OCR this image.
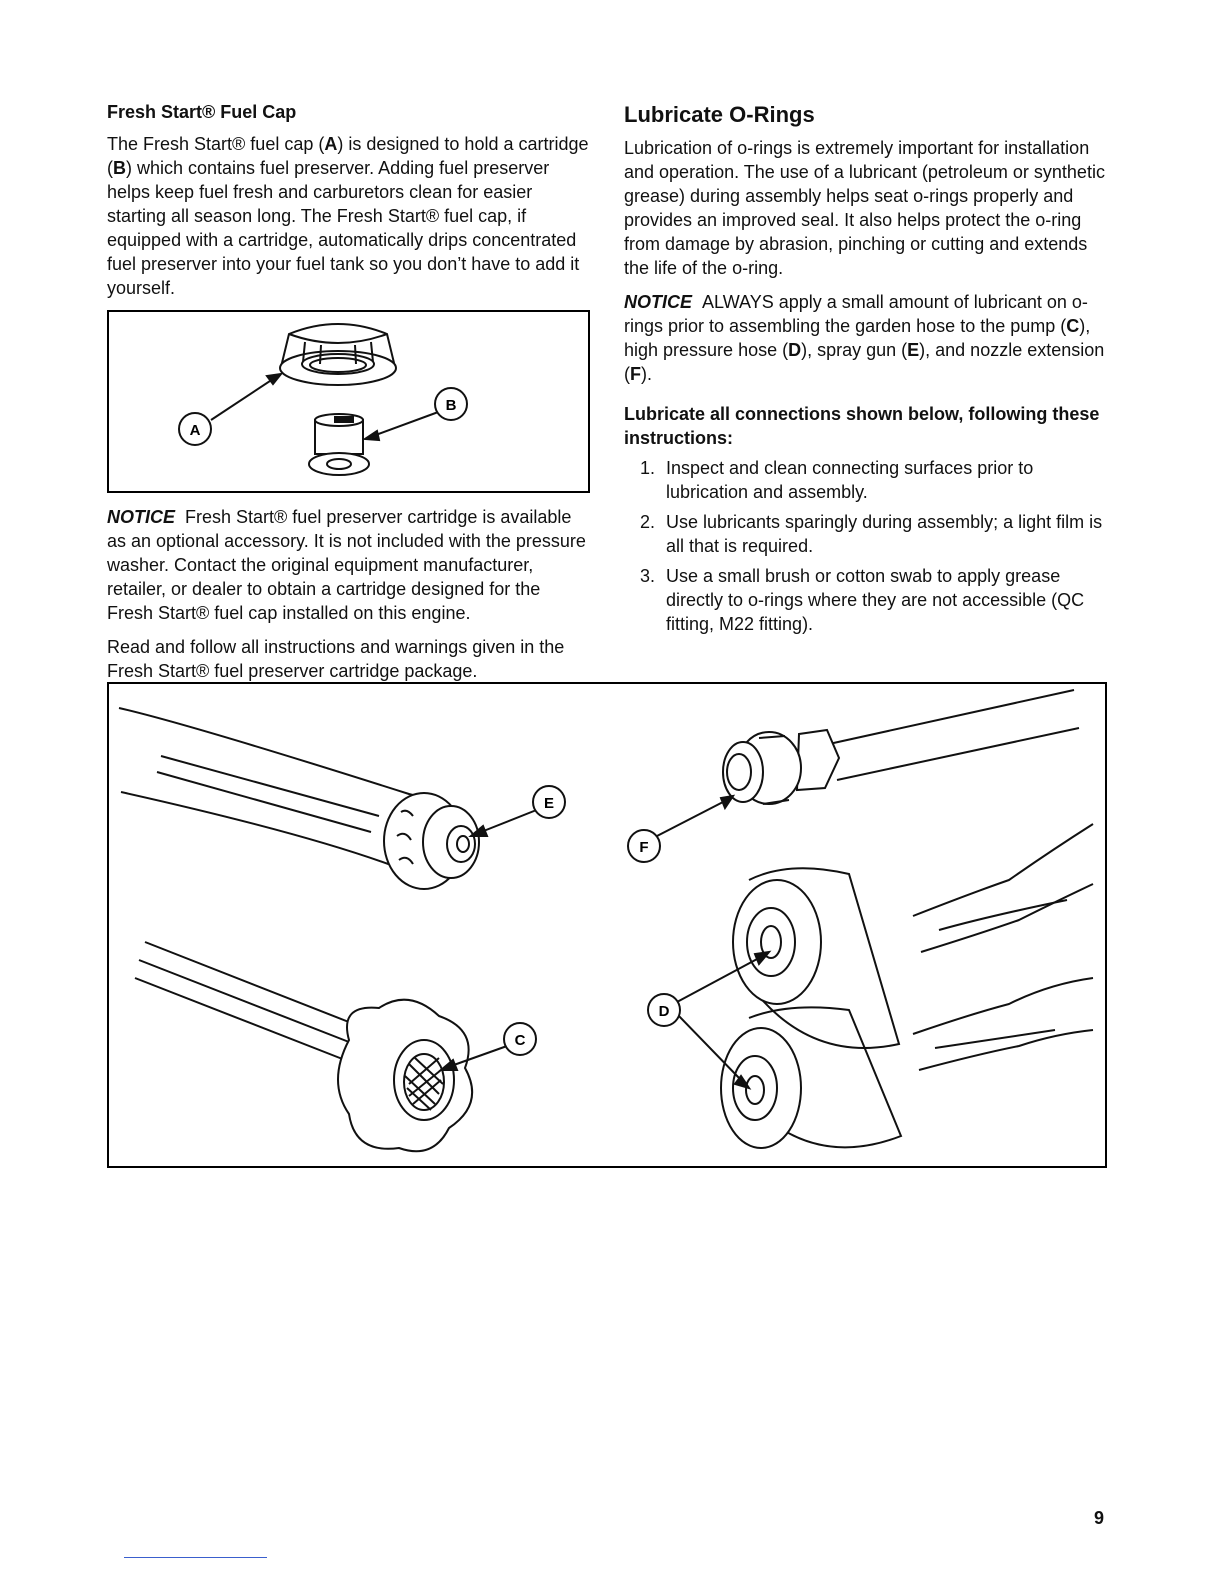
Fresh Start® Fuel Cap

The Fresh Start® fuel cap (A) is designed to hold a cartridge (B) which contains fuel preserver. Adding fuel preserver helps keep fuel fresh and carburetors clean for easier starting all season long. The Fresh Start® fuel cap, if equipped with a cartridge, automatically drips concentrated fuel preserver into your fuel tank so you don’t have to add it yourself.

A
B

NOTICE Fresh Start® fuel preserver cartridge is available as an optional accessory. It is not included with the pressure washer. Contact the original equipment manufacturer, retailer, or dealer to obtain a cartridge designed for the Fresh Start® fuel cap installed on this engine.

Read and follow all instructions and warnings given in the Fresh Start® fuel preserver cartridge package.

Lubricate O-Rings

Lubrication of o-rings is extremely important for installation and operation. The use of a lubricant (petroleum or synthetic grease) during assembly helps seat o-rings properly and provides an improved seal. It also helps protect the o-ring from damage by abrasion, pinching or cutting and extends the life of the o-ring.

NOTICE ALWAYS apply a small amount of lubricant on o-rings prior to assembling the garden hose to the pump (C), high pressure hose (D), spray gun (E), and nozzle extension (F).

Lubricate all connections shown below, following these instructions:
1. Inspect and clean connecting surfaces prior to lubrication and assembly.
2. Use lubricants sparingly during assembly; a light film is all that is required.
3. Use a small brush or cotton swab to apply grease directly to o-rings where they are not accessible (QC fitting, M22 fitting).
E
C
F
D
9
